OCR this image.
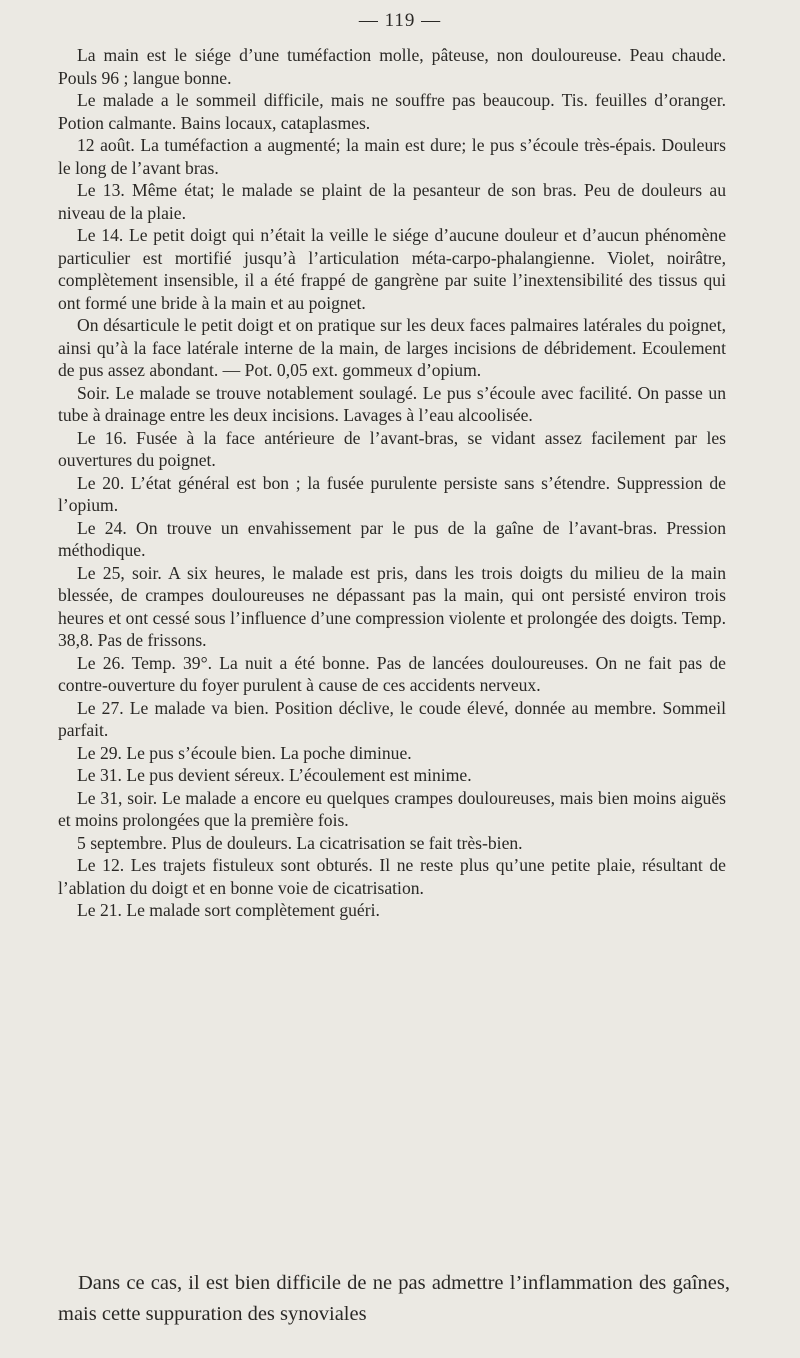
— 119 —

La main est le siége d’une tuméfaction molle, pâteuse, non douloureuse. Peau chaude. Pouls 96 ; langue bonne.

Le malade a le sommeil difficile, mais ne souffre pas beaucoup. Tis. feuilles d’oranger. Potion calmante. Bains locaux, cataplasmes.

12 août. La tuméfaction a augmenté; la main est dure; le pus s’écoule très-épais. Douleurs le long de l’avant bras.

Le 13. Même état; le malade se plaint de la pesanteur de son bras. Peu de douleurs au niveau de la plaie.

Le 14. Le petit doigt qui n’était la veille le siége d’aucune douleur et d’aucun phénomène particulier est mortifié jusqu’à l’articulation méta-carpo-phalangienne. Violet, noirâtre, complètement insensible, il a été frappé de gangrène par suite l’inextensibilité des tissus qui ont formé une bride à la main et au poignet.

On désarticule le petit doigt et on pratique sur les deux faces palmaires latérales du poignet, ainsi qu’à la face latérale interne de la main, de larges incisions de débridement. Ecoulement de pus assez abondant. — Pot. 0,05 ext. gommeux d’opium.

Soir. Le malade se trouve notablement soulagé. Le pus s’écoule avec facilité. On passe un tube à drainage entre les deux incisions. Lavages à l’eau alcoolisée.

Le 16. Fusée à la face antérieure de l’avant-bras, se vidant assez facilement par les ouvertures du poignet.

Le 20. L’état général est bon ; la fusée purulente persiste sans s’étendre. Suppression de l’opium.

Le 24. On trouve un envahissement par le pus de la gaîne de l’avant-bras. Pression méthodique.

Le 25, soir. A six heures, le malade est pris, dans les trois doigts du milieu de la main blessée, de crampes douloureuses ne dépassant pas la main, qui ont persisté environ trois heures et ont cessé sous l’influence d’une compression violente et prolongée des doigts. Temp. 38,8. Pas de frissons.

Le 26. Temp. 39°. La nuit a été bonne. Pas de lancées douloureuses. On ne fait pas de contre-ouverture du foyer purulent à cause de ces accidents nerveux.

Le 27. Le malade va bien. Position déclive, le coude élevé, donnée au membre. Sommeil parfait.

Le 29. Le pus s’écoule bien. La poche diminue.

Le 31. Le pus devient séreux. L’écoulement est minime.

Le 31, soir. Le malade a encore eu quelques crampes douloureuses, mais bien moins aiguës et moins prolongées que la première fois.

5 septembre. Plus de douleurs. La cicatrisation se fait très-bien.

Le 12. Les trajets fistuleux sont obturés. Il ne reste plus qu’une petite plaie, résultant de l’ablation du doigt et en bonne voie de cicatrisation.

Le 21. Le malade sort complètement guéri.

Dans ce cas, il est bien difficile de ne pas admettre l’inflammation des gaînes, mais cette suppuration des synoviales
